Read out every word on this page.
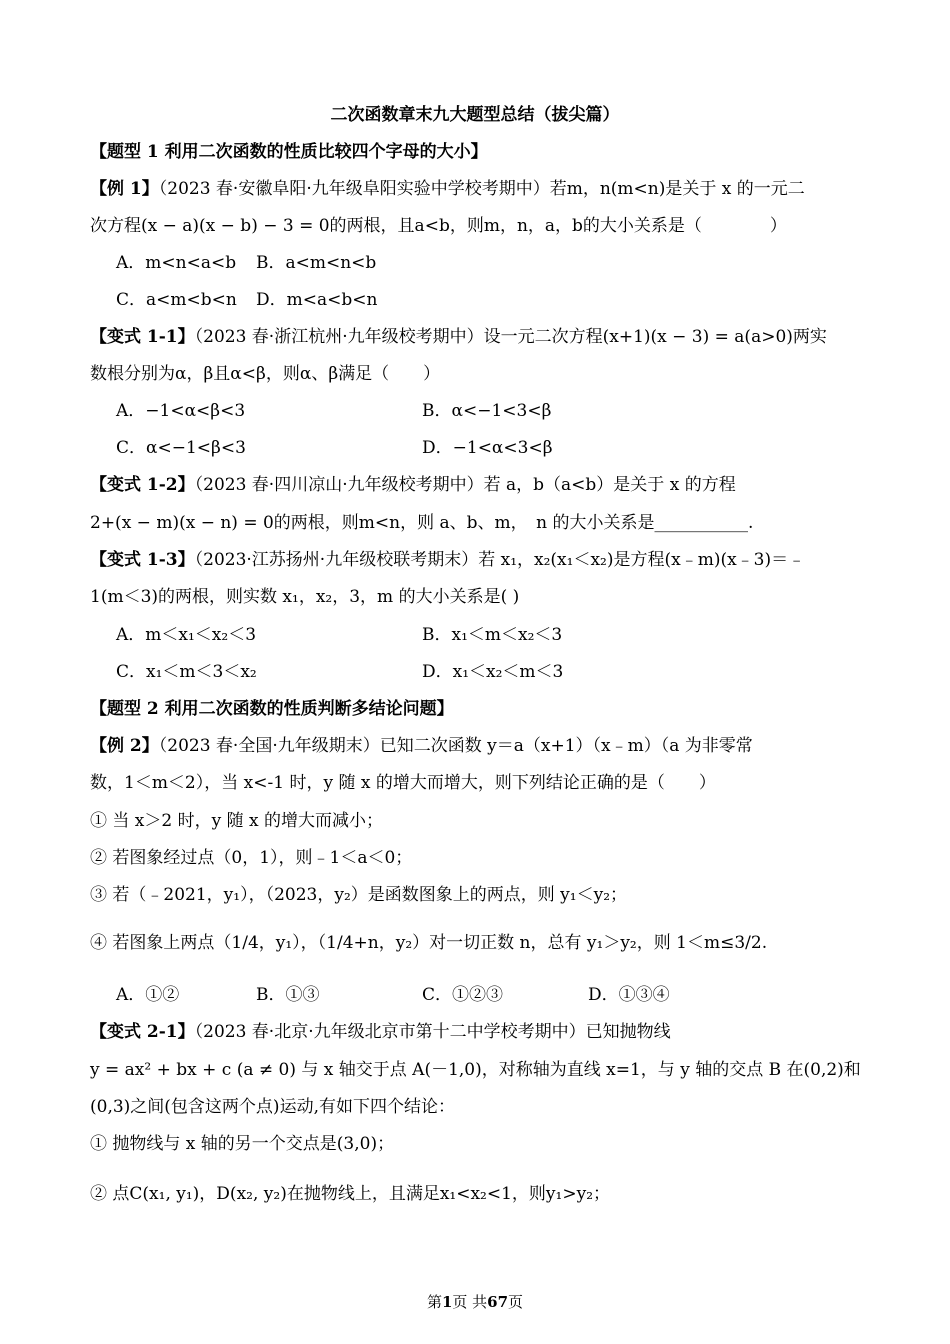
二次函数章末九大题型总结（拔尖篇）
【题型 1 利用二次函数的性质比较四个字母的大小】
【例 1】（2023 春·安徽阜阳·九年级阜阳实验中学校考期中）若m，n(m<n)是关于 x 的一元二
次方程(x − a)(x − b) − 3 = 0的两根，且a<b，则m，n，a，b的大小关系是（　　　　）
A．m<n<a<b B．a<m<n<b
C．a<m<b<n D．m<a<b<n
【变式 1-1】（2023 春·浙江杭州·九年级校考期中）设一元二次方程(x+1)(x − 3) = a(a>0)两实
数根分别为α，β且α<β，则α、β满足（　　）
A．−1<α<β<3	B．α<−1<3<β
C．α<−1<β<3	D．−1<α<3<β
【变式 1-2】（2023 春·四川凉山·九年级校考期中）若 a，b（a<b）是关于 x 的方程
2+(x − m)(x − n) = 0的两根，则m<n，则 a、b、m，　n 的大小关系是___________.
【变式 1-3】（2023·江苏扬州·九年级校联考期末）若 x₁，x₂(x₁＜x₂)是方程(x﹣m)(x﹣3)＝﹣
1(m＜3)的两根，则实数 x₁，x₂，3，m 的大小关系是( )
A．m＜x₁＜x₂＜3	B．x₁＜m＜x₂＜3
C．x₁＜m＜3＜x₂	D．x₁＜x₂＜m＜3
【题型 2 利用二次函数的性质判断多结论问题】
【例 2】（2023 春·全国·九年级期末）已知二次函数 y＝a（x+1）（x﹣m）（a 为非零常
数，1＜m＜2），当 x<-1 时，y 随 x 的增大而增大，则下列结论正确的是（　　）
① 当 x＞2 时，y 随 x 的增大而减小；
② 若图象经过点（0，1），则﹣1＜a＜0；
③ 若（﹣2021，y₁），（2023，y₂）是函数图象上的两点，则 y₁＜y₂；
④ 若图象上两点（1/4，y₁），（1/4+n，y₂）对一切正数 n，总有 y₁＞y₂，则 1＜m≤3/2.
A．①②	B．①③	C．①②③	D．①③④
【变式 2-1】（2023 春·北京·九年级北京市第十二中学校考期中）已知抛物线
y = ax² + bx + c (a ≠ 0) 与 x 轴交于点 A(－1,0)，对称轴为直线 x=1，与 y 轴的交点 B 在(0,2)和
(0,3)之间(包含这两个点)运动,有如下四个结论：
① 抛物线与 x 轴的另一个交点是(3,0)；
② 点C(x₁, y₁)，D(x₂, y₂)在抛物线上，且满足x₁<x₂<1，则y₁>y₂；
第1页 共67页
